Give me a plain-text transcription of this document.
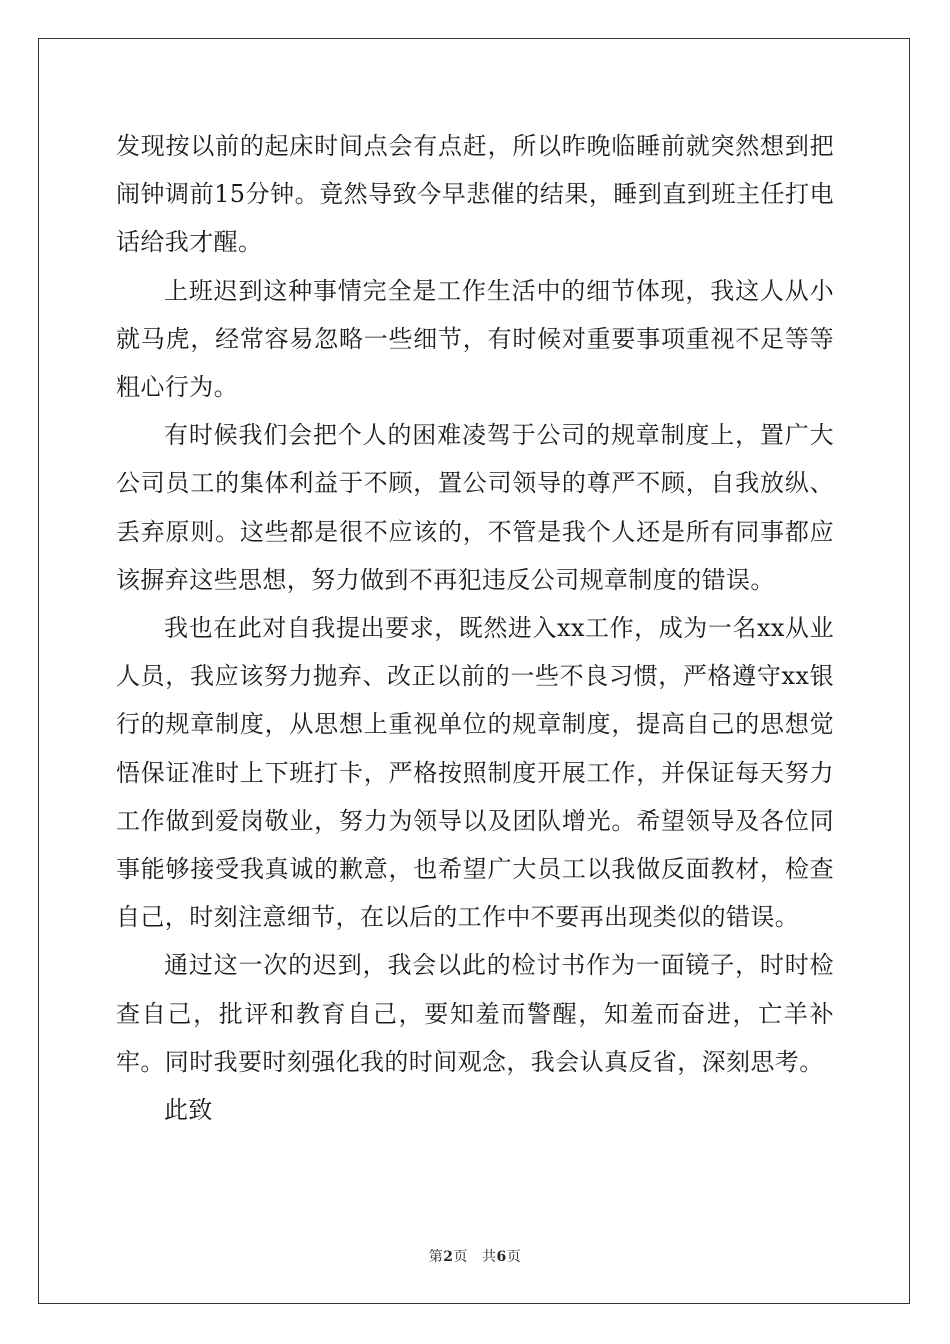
发现按以前的起床时间点会有点赶，所以昨晚临睡前就突然想到把闹钟调前15分钟。竟然导致今早悲催的结果，睡到直到班主任打电话给我才醒。

上班迟到这种事情完全是工作生活中的细节体现，我这人从小就马虎，经常容易忽略一些细节，有时候对重要事项重视不足等等粗心行为。

有时候我们会把个人的困难凌驾于公司的规章制度上，置广大公司员工的集体利益于不顾，置公司领导的尊严不顾，自我放纵、丢弃原则。这些都是很不应该的，不管是我个人还是所有同事都应该摒弃这些思想，努力做到不再犯违反公司规章制度的错误。

我也在此对自我提出要求，既然进入xx工作，成为一名xx从业人员，我应该努力抛弃、改正以前的一些不良习惯，严格遵守xx银行的规章制度，从思想上重视单位的规章制度，提高自己的思想觉悟保证准时上下班打卡，严格按照制度开展工作，并保证每天努力工作做到爱岗敬业，努力为领导以及团队增光。希望领导及各位同事能够接受我真诚的歉意，也希望广大员工以我做反面教材，检查自己，时刻注意细节，在以后的工作中不要再出现类似的错误。

通过这一次的迟到，我会以此的检讨书作为一面镜子，时时检查自己，批评和教育自己，要知羞而警醒，知羞而奋进，亡羊补牢。同时我要时刻强化我的时间观念，我会认真反省，深刻思考。

此致

第2页 共6页
